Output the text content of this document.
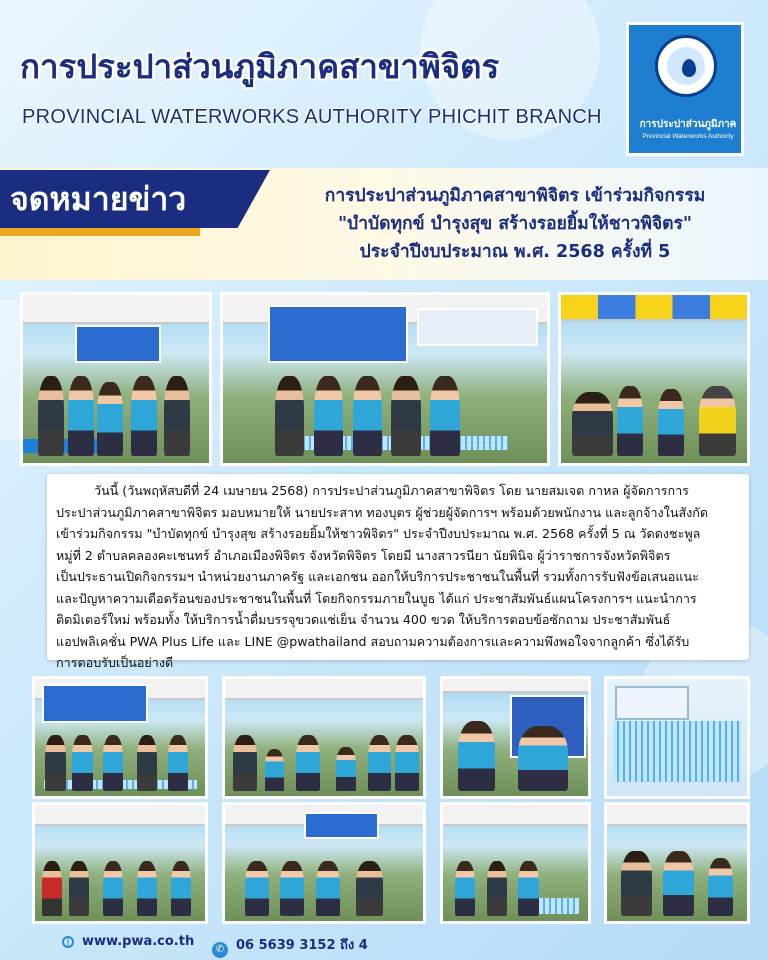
การประปาส่วนภูมิภาคสาขาพิจิตร
PROVINCIAL WATERWORKS AUTHORITY PHICHIT BRANCH	การประปาส่วนภูมิภาค
Provincial Waterworks Authority
จดหมายข่าว	การประปาส่วนภูมิภาคสาขาพิจิตร เข้าร่วมกิจกรรม
"บำบัดทุกข์ บำรุงสุข สร้างรอยยิ้มให้ชาวพิจิตร"
ประจำปีงบประมาณ พ.ศ. 2568 ครั้งที่ 5
วันนี้ (วันพฤหัสบดีที่ 24 เมษายน 2568) การประปาส่วนภูมิภาคสาขาพิจิตร โดย นายสมเจต กาหล ผู้จัดการการ
ประปาส่วนภูมิภาคสาขาพิจิตร มอบหมายให้ นายประสาท ทองบุตร ผู้ช่วยผู้จัดการฯ พร้อมด้วยพนักงาน และลูกจ้างในสังกัด
เข้าร่วมกิจกรรม "บำบัดทุกข์ บำรุงสุข สร้างรอยยิ้มให้ชาวพิจิตร" ประจำปีงบประมาณ พ.ศ. 2568 ครั้งที่ 5 ณ วัดดงชะพูล
หมู่ที่ 2 ตำบลคลองคะเชนทร์ อำเภอเมืองพิจิตร จังหวัดพิจิตร โดยมี นางสาวรนียา นัยพินิจ ผู้ว่าราชการจังหวัดพิจิตร
เป็นประธานเปิดกิจกรรมฯ นำหน่วยงานภาครัฐ และเอกชน ออกให้บริการประชาชนในพื้นที่ รวมทั้งการรับฟังข้อเสนอแนะ
และปัญหาความเดือดร้อนของประชาชนในพื้นที่ โดยกิจกรรมภายในบูธ ได้แก่ ประชาสัมพันธ์แผนโครงการฯ แนะนำการ
ติดมิเตอร์ใหม่ พร้อมทั้ง ให้บริการน้ำดื่มบรรจุขวดแช่เย็น จำนวน 400 ขวด ให้บริการตอบข้อซักถาม ประชาสัมพันธ์
แอปพลิเคชั่น PWA Plus Life และ LINE @pwathailand สอบถามความต้องการและความพึงพอใจจากลูกค้า ซึ่งได้รับ
การตอบรับเป็นอย่างดี
www.pwa.co.th
✆ 06 5639 3152 ถึง 4
